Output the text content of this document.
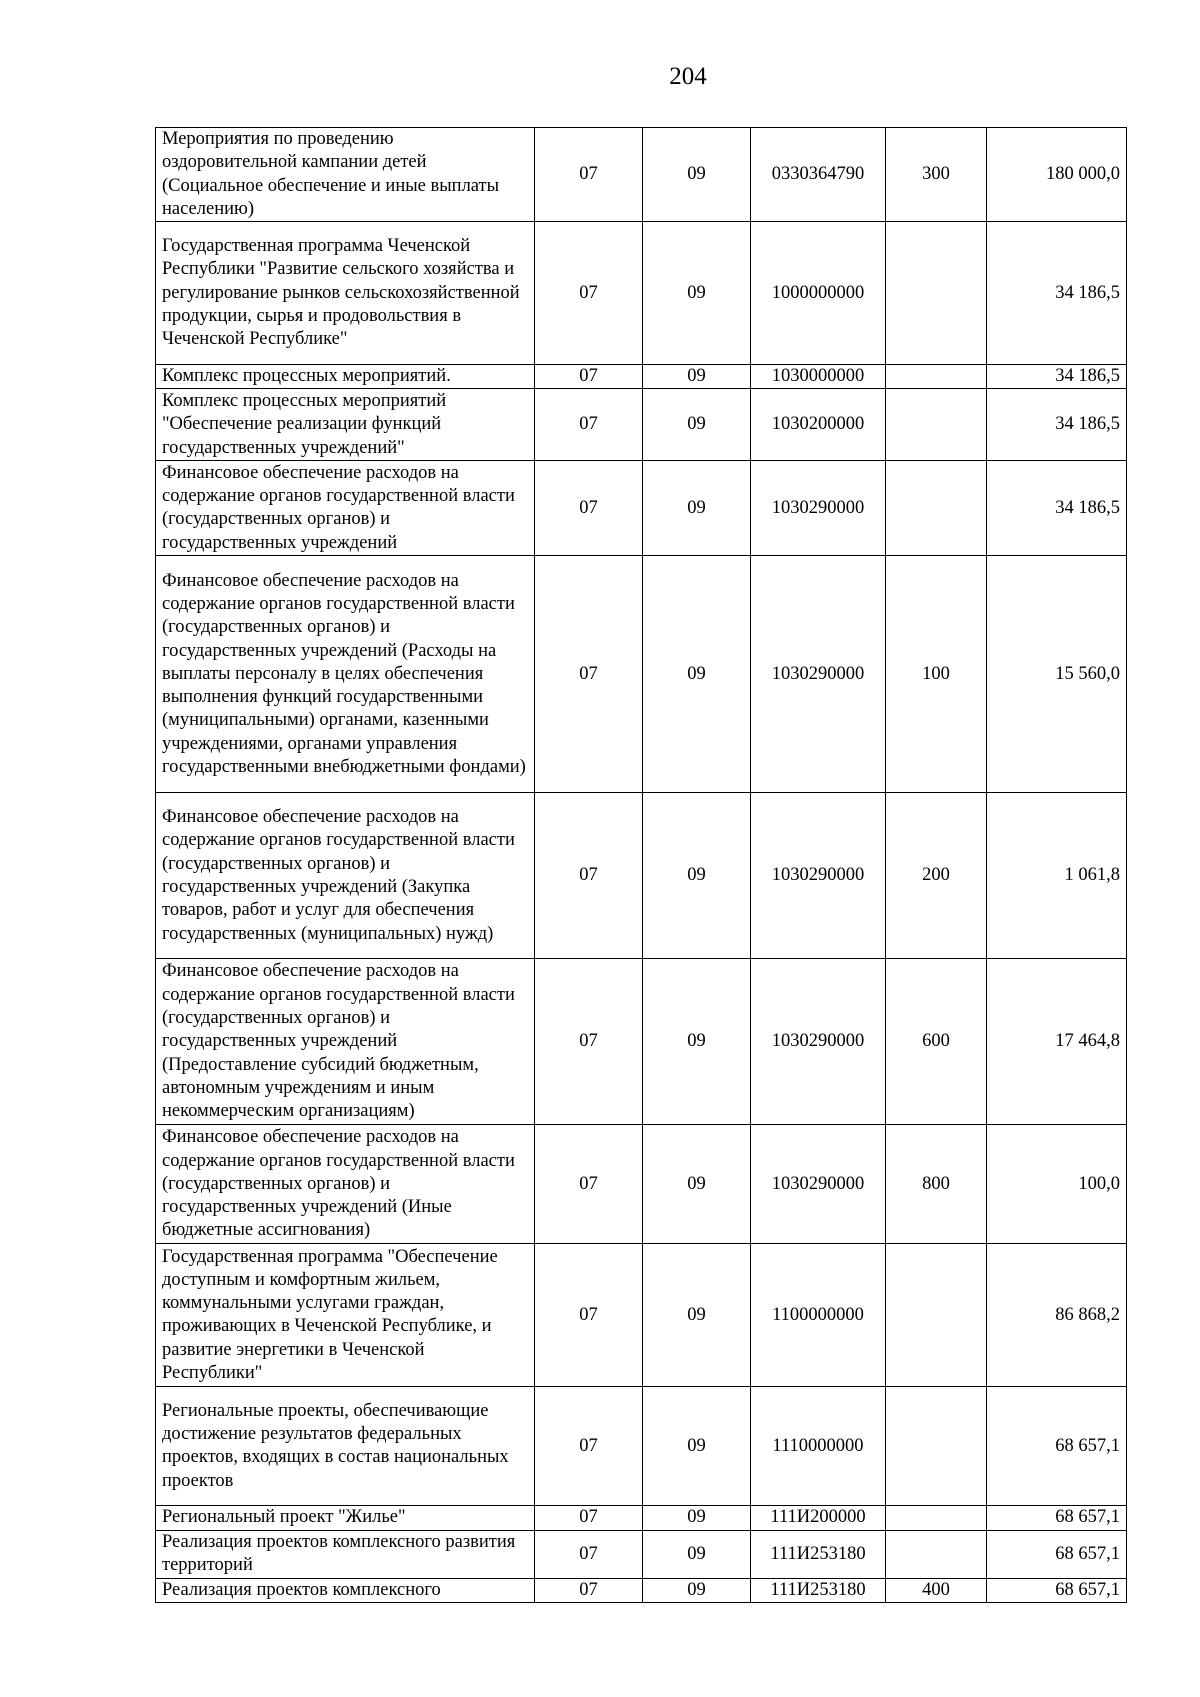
204
Мероприятия по проведению оздоровительной кампании детей (Социальное обеспечение и иные выплаты населению)	07	09	0330364790	300	180 000,0
Государственная программа Чеченской Республики "Развитие сельского хозяйства и регулирование рынков сельскохозяйственной продукции, сырья и продовольствия в Чеченской Республике"	07	09	1000000000		34 186,5
Комплекс процессных мероприятий.	07	09	1030000000		34 186,5
Комплекс процессных мероприятий "Обеспечение реализации функций государственных учреждений"	07	09	1030200000		34 186,5
Финансовое обеспечение расходов на содержание органов государственной власти (государственных органов) и государственных учреждений	07	09	1030290000		34 186,5
Финансовое обеспечение расходов на содержание органов государственной власти (государственных органов) и государственных учреждений (Расходы на выплаты персоналу в целях обеспечения выполнения функций государственными (муниципальными) органами, казенными учреждениями, органами управления государственными внебюджетными фондами)	07	09	1030290000	100	15 560,0
Финансовое обеспечение расходов на содержание органов государственной власти (государственных органов) и государственных учреждений (Закупка товаров, работ и услуг для обеспечения государственных (муниципальных) нужд)	07	09	1030290000	200	1 061,8
Финансовое обеспечение расходов на содержание органов государственной власти (государственных органов) и государственных учреждений (Предоставление субсидий бюджетным, автономным учреждениям и иным некоммерческим организациям)	07	09	1030290000	600	17 464,8
Финансовое обеспечение расходов на содержание органов государственной власти (государственных органов) и государственных учреждений (Иные бюджетные ассигнования)	07	09	1030290000	800	100,0
Государственная программа "Обеспечение доступным и комфортным жильем, коммунальными услугами граждан, проживающих в Чеченской Республике, и развитие энергетики в Чеченской Республики"	07	09	1100000000		86 868,2
Региональные проекты, обеспечивающие достижение результатов федеральных проектов, входящих в состав национальных проектов	07	09	1110000000		68 657,1
Региональный проект "Жилье"	07	09	111И200000		68 657,1
Реализация проектов комплексного развития территорий	07	09	111И253180		68 657,1
Реализация проектов комплексного	07	09	111И253180	400	68 657,1
